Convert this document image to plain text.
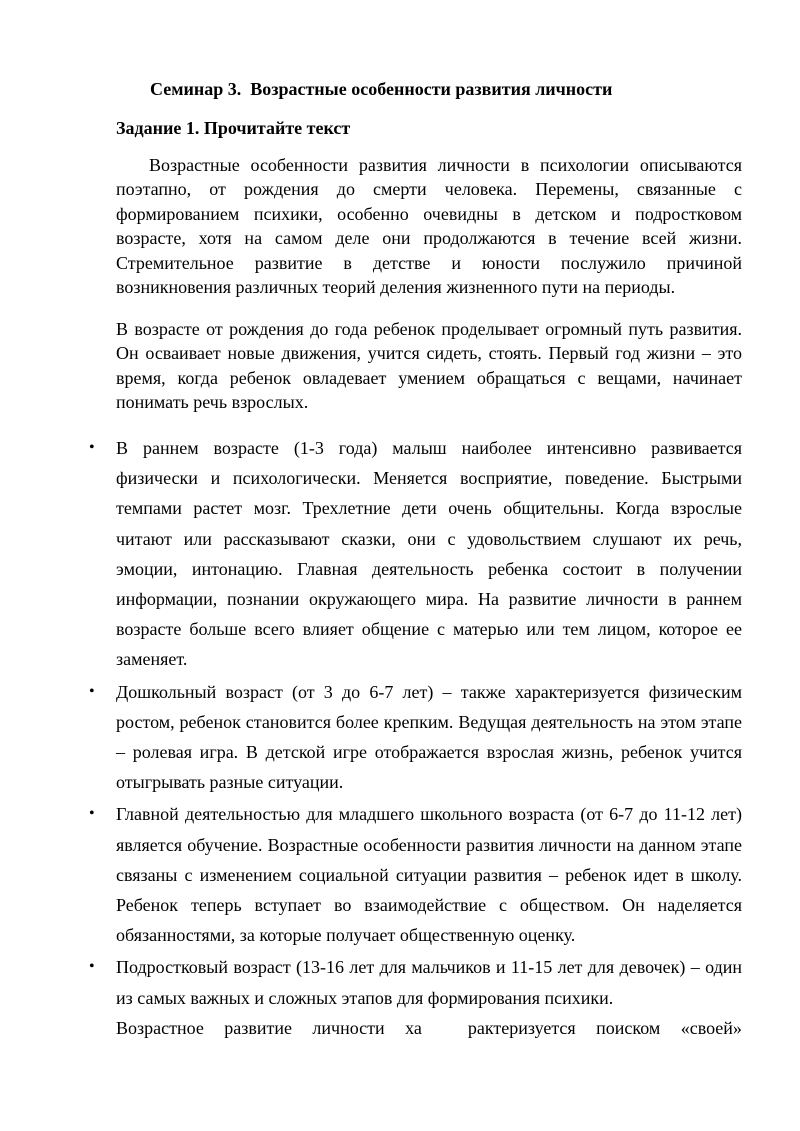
Семинар 3.  Возрастные особенности развития личности
Задание 1. Прочитайте текст

Возрастные особенности развития личности в психологии описываются поэтапно, от рождения до смерти человека. Перемены, связанные с формированием психики, особенно очевидны в детском и подростковом возрасте, хотя на самом деле они продолжаются в течение всей жизни. Стремительное развитие в детстве и юности послужило причиной возникновения различных теорий деления жизненного пути на периоды.

В возрасте от рождения до года ребенок проделывает огромный путь развития. Он осваивает новые движения, учится сидеть, стоять. Первый год жизни – это время, когда ребенок овладевает умением обращаться с вещами, начинает понимать речь взрослых.

• В раннем возрасте (1-3 года) малыш наиболее интенсивно развивается физически и психологически. Меняется восприятие, поведение. Быстрыми темпами растет мозг. Трехлетние дети очень общительны. Когда взрослые читают или рассказывают сказки, они с удовольствием слушают их речь, эмоции, интонацию. Главная деятельность ребенка состоит в получении информации, познании окружающего мира. На развитие личности в раннем возрасте больше всего влияет общение с матерью или тем лицом, которое ее заменяет.
• Дошкольный возраст (от 3 до 6-7 лет) – также характеризуется физическим ростом, ребенок становится более крепким. Ведущая деятельность на этом этапе – ролевая игра. В детской игре отображается взрослая жизнь, ребенок учится отыгрывать разные ситуации.
• Главной деятельностью для младшего школьного возраста (от 6-7 до 11-12 лет) является обучение. Возрастные особенности развития личности на данном этапе связаны с изменением социальной ситуации развития – ребенок идет в школу. Ребенок теперь вступает во взаимодействие с обществом. Он наделяется обязанностями, за которые получает общественную оценку.
• Подростковый возраст (13-16 лет для мальчиков и 11-15 лет для девочек) – один из самых важных и сложных этапов для формирования психики.
Возрастное развитие личности ха	рактеризуется поиском «своей»
